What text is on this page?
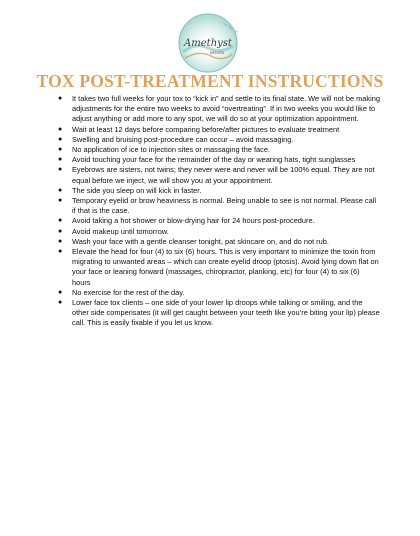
Amethyst
MEDSPA
GLOW UP
TOX POST-TREATMENT INSTRUCTIONS
● It takes two full weeks for your tox to “kick in” and settle to its final state. We will not be making adjustments for the entire two weeks to avoid “overtreating”. If in two weeks you would like to adjust anything or add more to any spot, we will do so at your optimization appointment.
● Wait at least 12 days before comparing before/after pictures to evaluate treatment
● Swelling and bruising post-procedure can occur – avoid massaging.
● No application of ice to injection sites or massaging the face.
● Avoid touching your face for the remainder of the day or wearing hats, tight sunglasses
● Eyebrows are sisters, not twins; they never were and never will be 100% equal. They are not equal before we inject, we will show you at your appointment.
● The side you sleep on will kick in faster.
● Temporary eyelid or brow heaviness is normal. Being unable to see is not normal. Please call if that is the case.
● Avoid taking a hot shower or blow-drying hair for 24 hours post-procedure.
● Avoid makeup until tomorrow.
● Wash your face with a gentle cleanser tonight, pat skincare on, and do not rub.
● Elevate the head for four (4) to six (6) hours. This is very important to minimize the toxin from migrating to unwanted areas – which can create eyelid droop (ptosis). Avoid lying down flat on your face or leaning forward (massages, chiropractor, planking, etc) for four (4) to six (6) hours
● No exercise for the rest of the day.
● Lower face tox clients – one side of your lower lip droops while talking or smiling, and the other side compensates (it will get caught between your teeth like you’re biting your lip) please call. This is easily fixable if you let us know.
